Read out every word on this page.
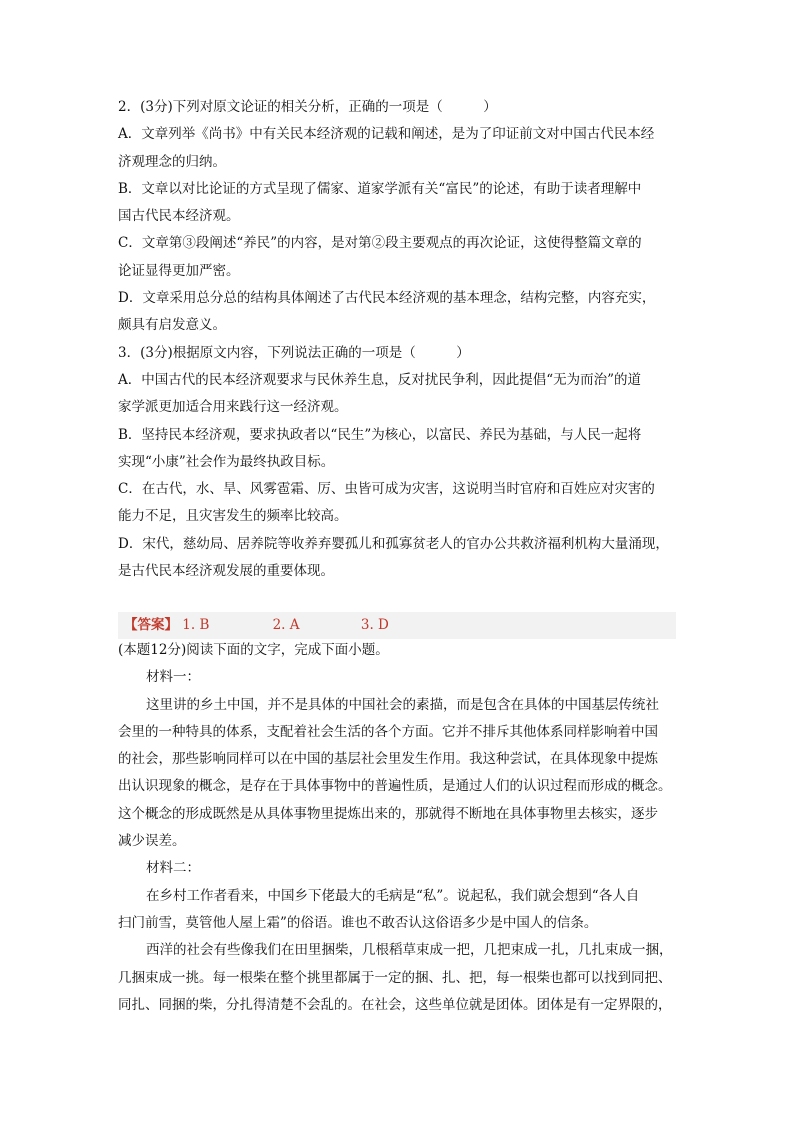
2．(3分)下列对原文论证的相关分析，正确的一项是（　　　）

A．文章列举《尚书》中有关民本经济观的记载和阐述，是为了印证前文对中国古代民本经

济观理念的归纳。

B．文章以对比论证的方式呈现了儒家、道家学派有关“富民”的论述，有助于读者理解中

国古代民本经济观。

C．文章第③段阐述“养民”的内容，是对第②段主要观点的再次论证，这使得整篇文章的

论证显得更加严密。

D．文章采用总分总的结构具体阐述了古代民本经济观的基本理念，结构完整，内容充实，

颇具有启发意义。

3．(3分)根据原文内容，下列说法正确的一项是（　　　）

A．中国古代的民本经济观要求与民休养生息，反对扰民争利，因此提倡“无为而治”的道

家学派更加适合用来践行这一经济观。

B．坚持民本经济观，要求执政者以“民生”为核心，以富民、养民为基础，与人民一起将

实现“小康”社会作为最终执政目标。

C．在古代，水、旱、风雾雹霜、厉、虫皆可成为灾害，这说明当时官府和百姓应对灾害的

能力不足，且灾害发生的频率比较高。

D．宋代，慈幼局、居养院等收养弃婴孤儿和孤寡贫老人的官办公共救济福利机构大量涌现，

是古代民本经济观发展的重要体现。

【答案】 1. B	2. A	3. D

(本题12分)阅读下面的文字，完成下面小题。

材料一：

这里讲的乡土中国，并不是具体的中国社会的素描，而是包含在具体的中国基层传统社

会里的一种特具的体系，支配着社会生活的各个方面。它并不排斥其他体系同样影响着中国

的社会，那些影响同样可以在中国的基层社会里发生作用。我这种尝试，在具体现象中提炼

出认识现象的概念，是存在于具体事物中的普遍性质，是通过人们的认识过程而形成的概念。

这个概念的形成既然是从具体事物里提炼出来的，那就得不断地在具体事物里去核实，逐步

减少误差。

材料二：

在乡村工作者看来，中国乡下佬最大的毛病是“私”。说起私，我们就会想到“各人自

扫门前雪，莫管他人屋上霜”的俗语。谁也不敢否认这俗语多少是中国人的信条。

西洋的社会有些像我们在田里捆柴，几根稻草束成一把，几把束成一扎，几扎束成一捆，

几捆束成一挑。每一根柴在整个挑里都属于一定的捆、扎、把，每一根柴也都可以找到同把、

同扎、同捆的柴，分扎得清楚不会乱的。在社会，这些单位就是团体。团体是有一定界限的，
